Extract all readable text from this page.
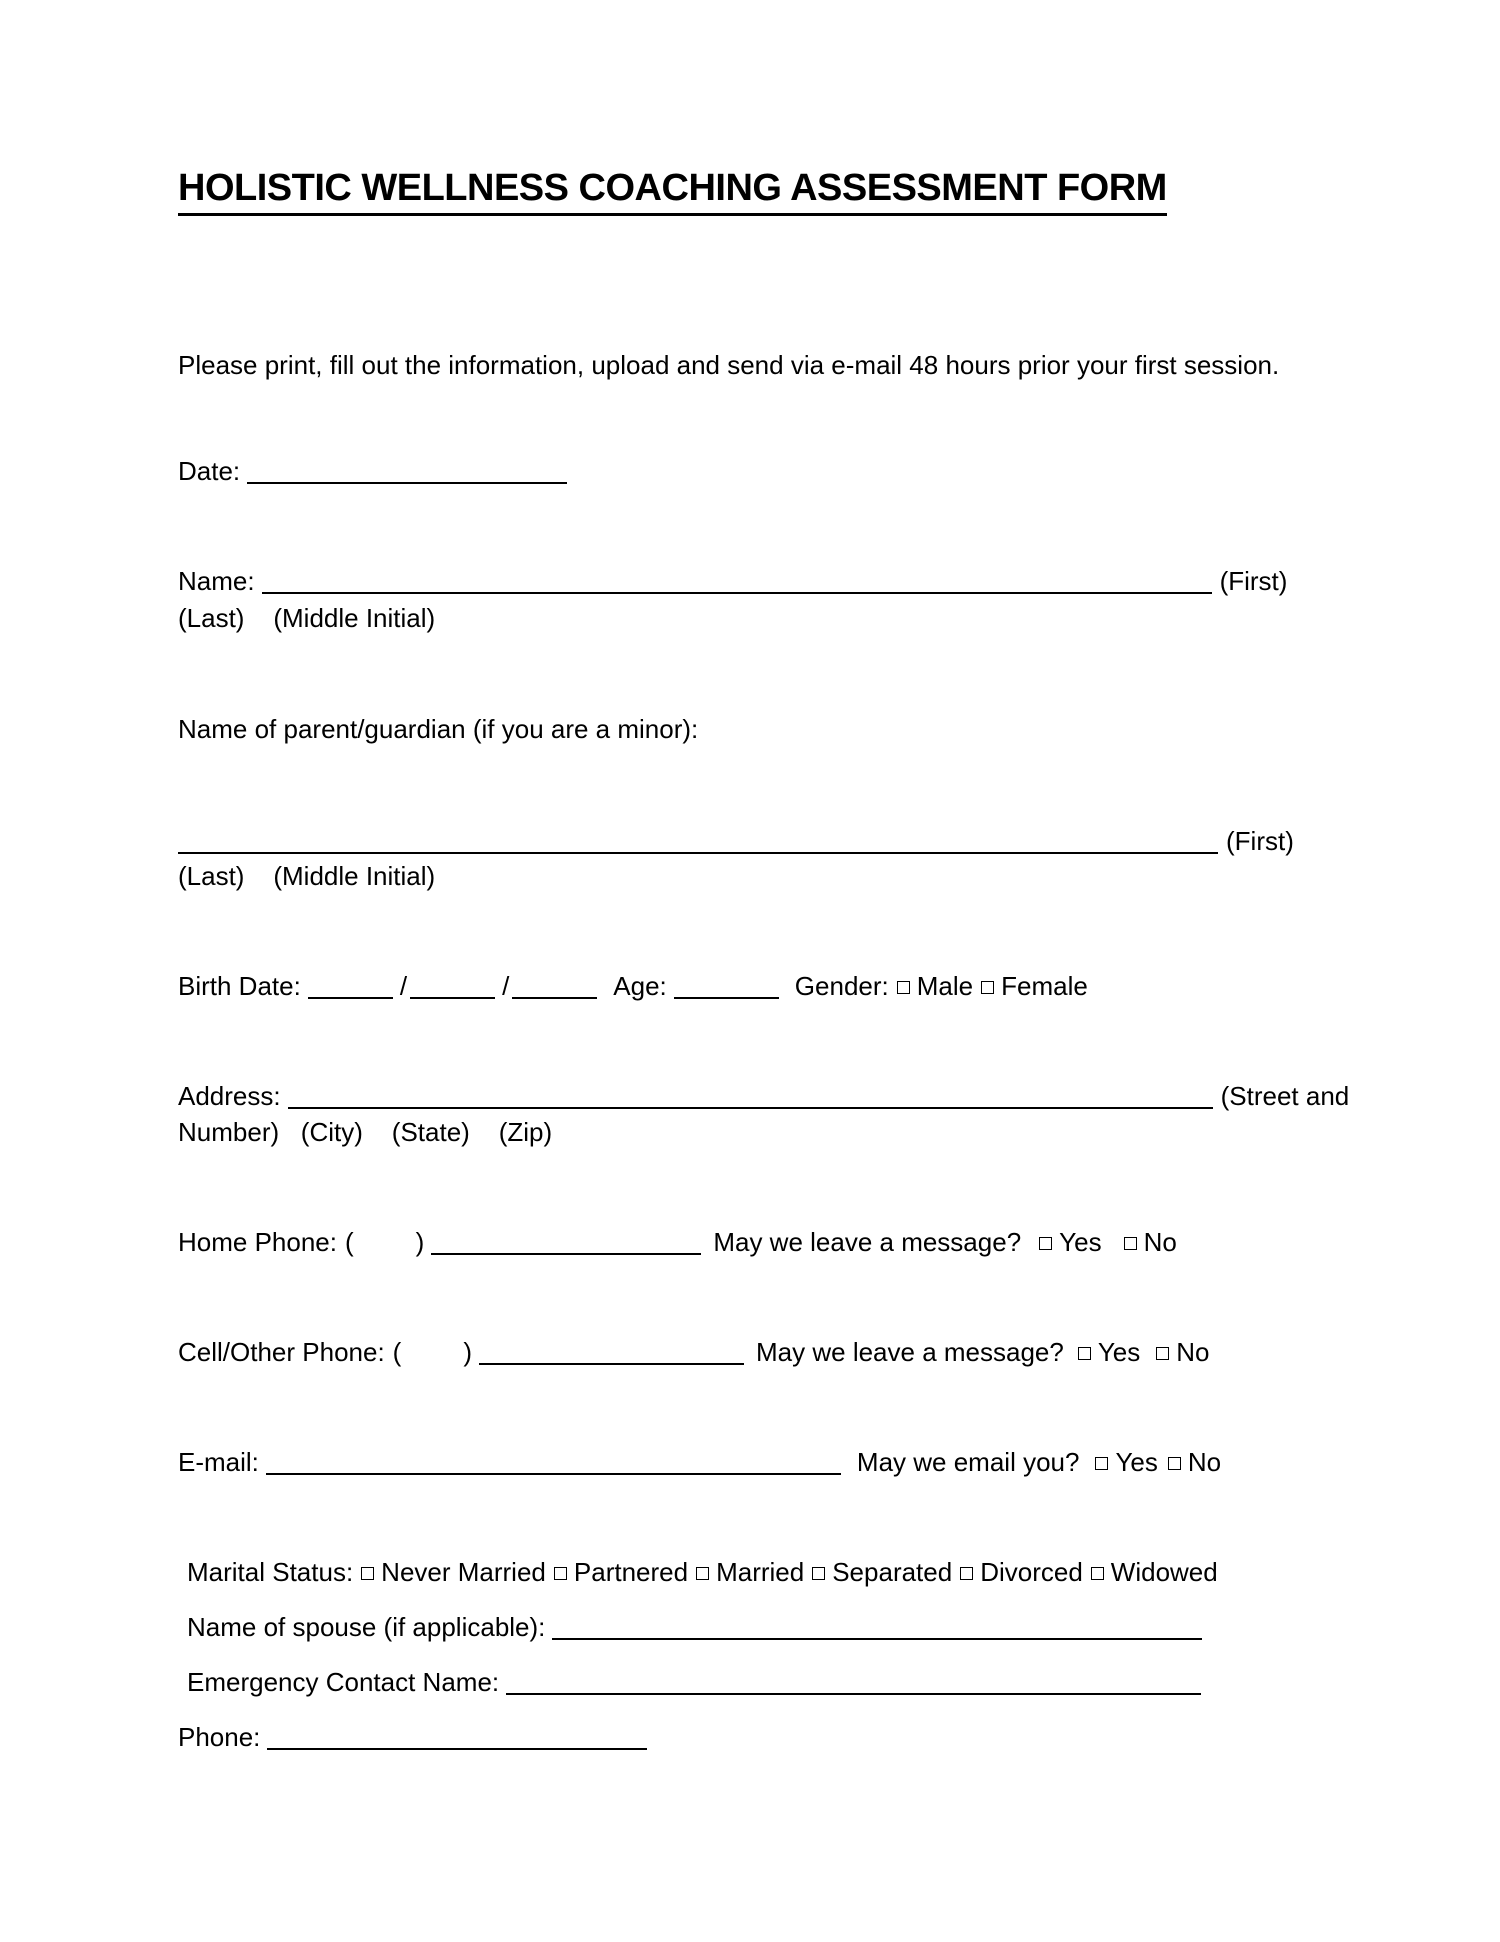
HOLISTIC WELLNESS COACHING ASSESSMENT FORM
Please print, fill out the information, upload and send via e-mail 48 hours prior your first session.
Date:
Name:	(First)
(Last)    (Middle Initial)
Name of parent/guardian (if you are a minor):
(First)
(Last)    (Middle Initial)
Birth Date:	/	/	Age:	Gender: Male Female
Address:	(Street and
Number)   (City)    (State)    (Zip)
Home Phone: ( )	May we leave a message? Yes No
Cell/Other Phone: ( )	May we leave a message? Yes No
E-mail:	May we email you? Yes No
Marital Status: Never Married Partnered Married Separated Divorced Widowed
Name of spouse (if applicable):
Emergency Contact Name:
Phone:
